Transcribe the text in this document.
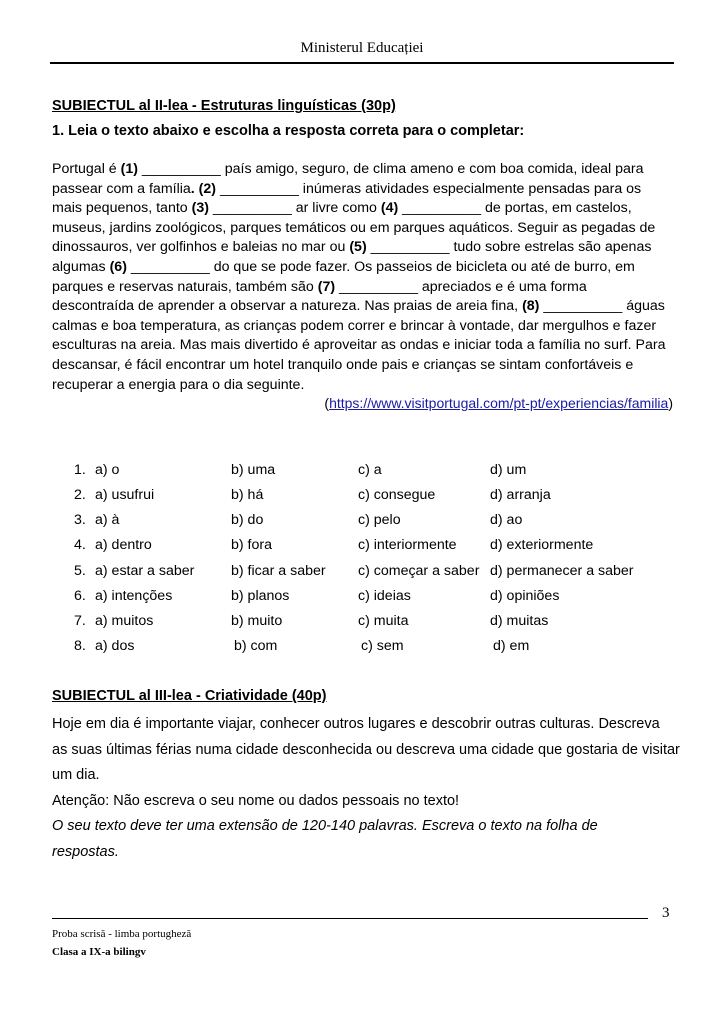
Ministerul Educației
SUBIECTUL al II-lea - Estruturas linguísticas (30p)
1. Leia o texto abaixo e escolha a resposta correta para o completar:
Portugal é (1) __________ país amigo, seguro, de clima ameno e com boa comida, ideal para
passear com a família. (2) __________ inúmeras atividades especialmente pensadas para os
mais pequenos, tanto (3) __________ ar livre como (4) __________ de portas, em castelos,
museus, jardins zoológicos, parques temáticos ou em parques aquáticos. Seguir as pegadas de
dinossauros, ver golfinhos e baleias no mar ou (5) __________ tudo sobre estrelas são apenas
algumas (6) __________ do que se pode fazer. Os passeios de bicicleta ou até de burro, em
parques e reservas naturais, também são (7) __________ apreciados e é uma forma
descontraída de aprender a observar a natureza. Nas praias de areia fina, (8) __________ águas
calmas e boa temperatura, as crianças podem correr e brincar à vontade, dar mergulhos e fazer
esculturas na areia. Mas mais divertido é aproveitar as ondas e iniciar toda a família no surf. Para
descansar, é fácil encontrar um hotel tranquilo onde pais e crianças se sintam confortáveis e
recuperar a energia para o dia seguinte.
(https://www.visitportugal.com/pt-pt/experiencias/familia)
1. a) o	b) uma	c) a	d) um
2. a) usufrui	b) há	c) consegue	d) arranja
3. a) à	b) do	c) pelo	d) ao
4. a) dentro	b) fora	c) interiormente d) exteriormente
5. a) estar a saber	b) ficar a saber c) começar a saber d) permanecer a saber
6. a) intenções	b) planos	c) ideias	d) opiniões
7. a) muitos	b) muito	c) muita	d) muitas
8. a) dos	b) com	c) sem	d) em
SUBIECTUL al III-lea - Criatividade (40p)
Hoje em dia é importante viajar, conhecer outros lugares e descobrir outras culturas. Descreva
as suas últimas férias numa cidade desconhecida ou descreva uma cidade que gostaria de visitar
um dia.
Atenção: Não escreva o seu nome ou dados pessoais no texto!
O seu texto deve ter uma extensão de 120-140 palavras. Escreva o texto na folha de
respostas.
3
Proba scrisă - limba portugheză
Clasa a IX-a bilingv
